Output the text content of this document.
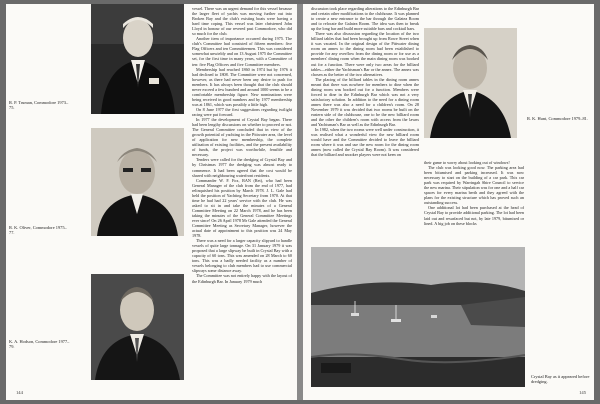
R. P. Truman, Commodore 1973–75.
R. K. Oliver, Commodore 1975–77.
K. A. Hodson, Commodore 1977–79.

vessel. There was an urgent demand for this vessel because the larger fleet of yachts was moving further out into Broken Bay and the club's existing boats were having a hard time coping. This vessel was later christened John Lloyd in honour of our revered past Commodore, who did so much for the club.

Another item of importance occurred during 1975. The club's Committee had consisted of fifteen members: five Flag Officers and ten Committeemen. This was considered somewhat unwieldy and on 13 August 1975 the Committee set, for the first time in many years, with a Committee of ten: five Flag Officers and five Committee members.

Membership had reached 1860 in 1974 but by 1976 it had declined to 1808. The Committee were not concerned, however, as there had never been any desire to push for members. It has always been thought that the club should never exceed a few hundred and around 1000 seems to be a comfortable membership figure. New nominations were being received in good numbers and by 1977 membership was at 1861, which was possibly a little high.

On 8 June 1977 the first suggestions regarding twilight racing were put forward.

In 1977 the development of Crystal Bay began. There had been lengthy discussions on whether to proceed or not. The General Committee concluded that in view of the growth potential of yachting in the Pittwater area, the level of application for new membership, the complete utilisation of existing facilities, and the present availability of funds, the project was worthwhile, feasible and necessary.

Tenders were called for the dredging of Crystal Bay and by Christmas 1977 the dredging was almost ready to commence. It had been agreed that the cost would be shared with neighbouring waterfront residents.

Commander W. F. Fox, RAN (Ret), who had been General Manager of the club from the end of 1977, had relinquished his position by March 1978. J. L. Gale had held the position of Yachting Secretary from 1970. At that time he had had 22 years' service with the club. He was asked to sit in and take the minutes of a General Committee Meeting on 22 March 1978, and he has been taking the minutes of the General Committee Meetings ever since! On 26 April 1978 Mr Gale attended the General Committee Meeting as Secretary Manager, however the actual date of appointment to this position was 24 May 1978.

There was a need for a larger capacity slipyard to handle vessels of quite large tonnage. On 31 January 1979 it was proposed that a large slipway be built in Crystal Bay with a capacity of 60 tons. This was amended on 28 March to 60 tons. This was a badly needed facility as a number of vessels belonging to club members had to use commercial slipways some distance away.

The Committee was not entirely happy with the layout of the Edinburgh Bar. In January 1979 much

144

discussion took place regarding alterations to the Edinburgh Bar and certain other modifications to the clubhouse. It was planned to create a new entrance to the bar through the Galatea Room and to relocate the Galatea Room. The idea was then to break up the long bar and build more suitable bars and cocktail bars.

There was also discussion regarding the location of the two billiard tables that had been brought up from Rowe Street when it was vacated. In the original design of the Pittwater dining room an annex to the dining room had been established to provide for any overflow from the dining room or for use as a members' dining room when the main dining room was booked out for a function. There were only two areas for the billiard tables—either the Yachtsman's Bar or the annex. The annex was chosen as the better of the two alternatives.

The placing of the billiard tables in the dining room annex meant that there was nowhere for members to dine when the dining room was booked out for a function. Members were forced to dine in the Edinburgh Bar which was not a very satisfactory solution. In addition to the need for a dining room annex there was also a need for a children's room. On 28 November 1979 it was decided that two rooms be built on the eastern side of the clubhouse, one to be the new billiard room and the other the children's room with access from the lawns and Yachtsman's Bar as well as the Edinburgh Bar.

In 1982, when the two rooms were well under construction, it was realised what a wonderful view the new billiard room would have and the Committee decided to leave the billiard room where it was and use the new room for the dining room annex (now called the Crystal Bay Room). It was considered that the billiard and snooker players were not keen on

R. K. Hunt, Commodore 1979–81.

their game to worry about looking out of windows!

The club was looking good now. The parking area had been bitumised and parking increased. It was now necessary to start on the building of a car park. This car park was required by Warringah Shire Council to service the new marina. Their stipulation was for one and a half car spaces for every marina berth and they agreed with the plans for the existing structure which has proved such an outstanding success.

One additional lot had been purchased at the head of Crystal Bay to provide additional parking. The lot had been laid out and resurfaced but not, by late 1979, bitumised or lined. A big job on these blocks

Crystal Bay as it appeared before dredging.
145
